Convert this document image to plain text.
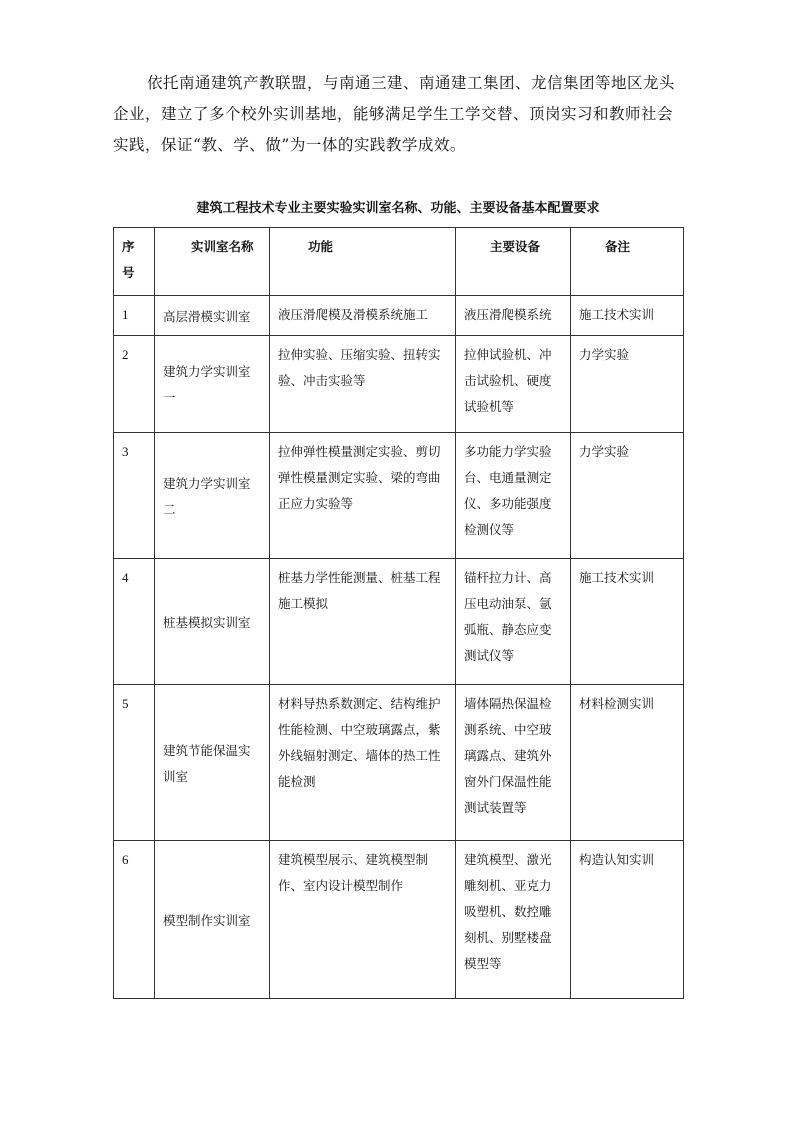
依托南通建筑产教联盟，与南通三建、南通建工集团、龙信集团等地区龙头
企业，建立了多个校外实训基地，能够满足学生工学交替、顶岗实习和教师社会
实践，保证“教、学、做”为一体的实践教学成效。
建筑工程技术专业主要实验实训室名称、功能、主要设备基本配置要求
序号	实训室名称	功能	主要设备	备注
1	高层滑模实训室	液压滑爬模及滑模系统施工	液压滑爬模系统	施工技术实训
2	建筑力学实训室一	拉伸实验、压缩实验、扭转实验、冲击实验等	拉伸试验机、冲击试验机、硬度试验机等	力学实验
3	建筑力学实训室二	拉伸弹性模量测定实验、剪切弹性模量测定实验、梁的弯曲正应力实验等	多功能力学实验台、电通量测定仪、多功能强度检测仪等	力学实验
4	桩基模拟实训室	桩基力学性能测量、桩基工程施工模拟	锚杆拉力计、高压电动油泵、氩弧瓶、静态应变测试仪等	施工技术实训
5	建筑节能保温实训室	材料导热系数测定、结构维护性能检测、中空玻璃露点，紫外线辐射测定、墙体的热工性能检测	墙体隔热保温检测系统、中空玻璃露点、建筑外窗外门保温性能测试装置等	材料检测实训
6	模型制作实训室	建筑模型展示、建筑模型制作、室内设计模型制作	建筑模型、激光雕刻机、亚克力吸塑机、数控雕刻机、别墅楼盘模型等	构造认知实训
